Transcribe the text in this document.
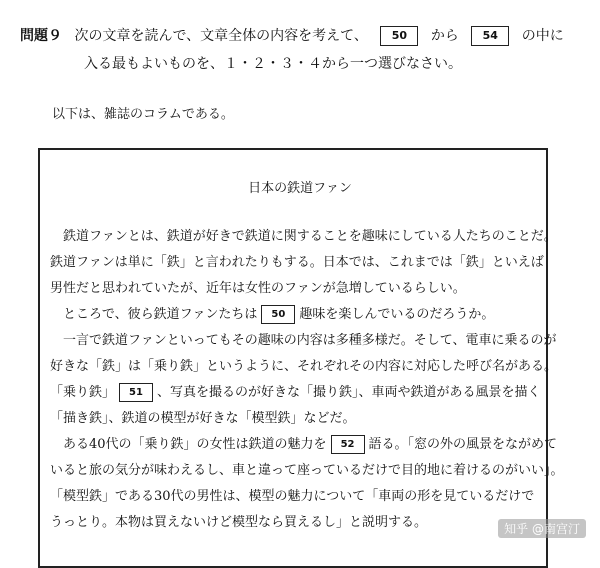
問題９ 次の文章を読んで、文章全体の内容を考えて、 50 から 54 の中に
入る最もよいものを、１・２・３・４から一つ選びなさい。
以下は、雑誌のコラムである。
日本の鉄道ファン

　鉄道ファンとは、鉄道が好きで鉄道に関することを趣味にしている人たちのことだ。

鉄道ファンは単に「鉄」と言われたりもする。日本では、これまでは「鉄」といえば

男性だと思われていたが、近年は女性のファンが急増しているらしい。

　ところで、彼ら鉄道ファンたちは 50 趣味を楽しんでいるのだろうか。

　一言で鉄道ファンといってもその趣味の内容は多種多様だ。そして、電車に乗るのが

好きな「鉄」は「乗り鉄」というように、それぞれその内容に対応した呼び名がある。

「乗り鉄」 51 、写真を撮るのが好きな「撮り鉄」、車両や鉄道がある風景を描く

「描き鉄」、鉄道の模型が好きな「模型鉄」などだ。

　ある40代の「乗り鉄」の女性は鉄道の魅力を 52 語る。「窓の外の風景をながめて

いると旅の気分が味わえるし、車と違って座っているだけで目的地に着けるのがいい」。

「模型鉄」である30代の男性は、模型の魅力について「車両の形を見ているだけで

うっとり。本物は買えないけど模型なら買えるし」と説明する。	知乎 @南宫汀
